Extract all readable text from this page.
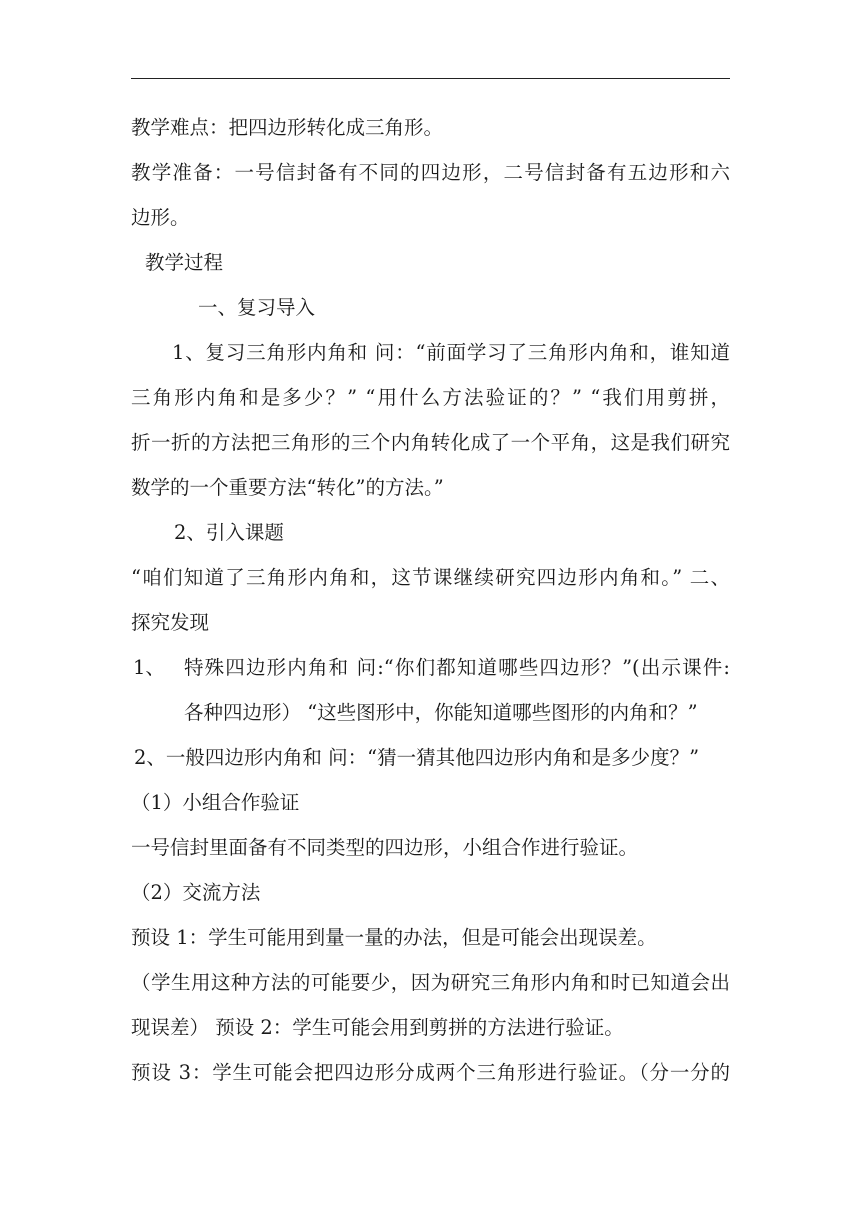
教学难点：把四边形转化成三角形。
教学准备：一号信封备有不同的四边形，二号信封备有五边形和六
边形。
教学过程
一、复习导入
1、复习三角形内角和 问：“前面学习了三角形内角和，谁知道
三角形内角和是多少？” “用什么方法验证的？” “我们用剪拼，
折一折的方法把三角形的三个内角转化成了一个平角，这是我们研究
数学的一个重要方法“转化”的方法。”
2、引入课题
“咱们知道了三角形内角和，这节课继续研究四边形内角和。” 二、
探究发现
1、 特殊四边形内角和 问:“你们都知道哪些四边形？”(出示课件:
各种四边形） “这些图形中，你能知道哪些图形的内角和？”
2、一般四边形内角和 问：“猜一猜其他四边形内角和是多少度？”
（1）小组合作验证
一号信封里面备有不同类型的四边形，小组合作进行验证。
（2）交流方法
预设 1：学生可能用到量一量的办法，但是可能会出现误差。
（学生用这种方法的可能要少，因为研究三角形内角和时已知道会出
现误差） 预设 2：学生可能会用到剪拼的方法进行验证。
预设 3：学生可能会把四边形分成两个三角形进行验证。（分一分的
